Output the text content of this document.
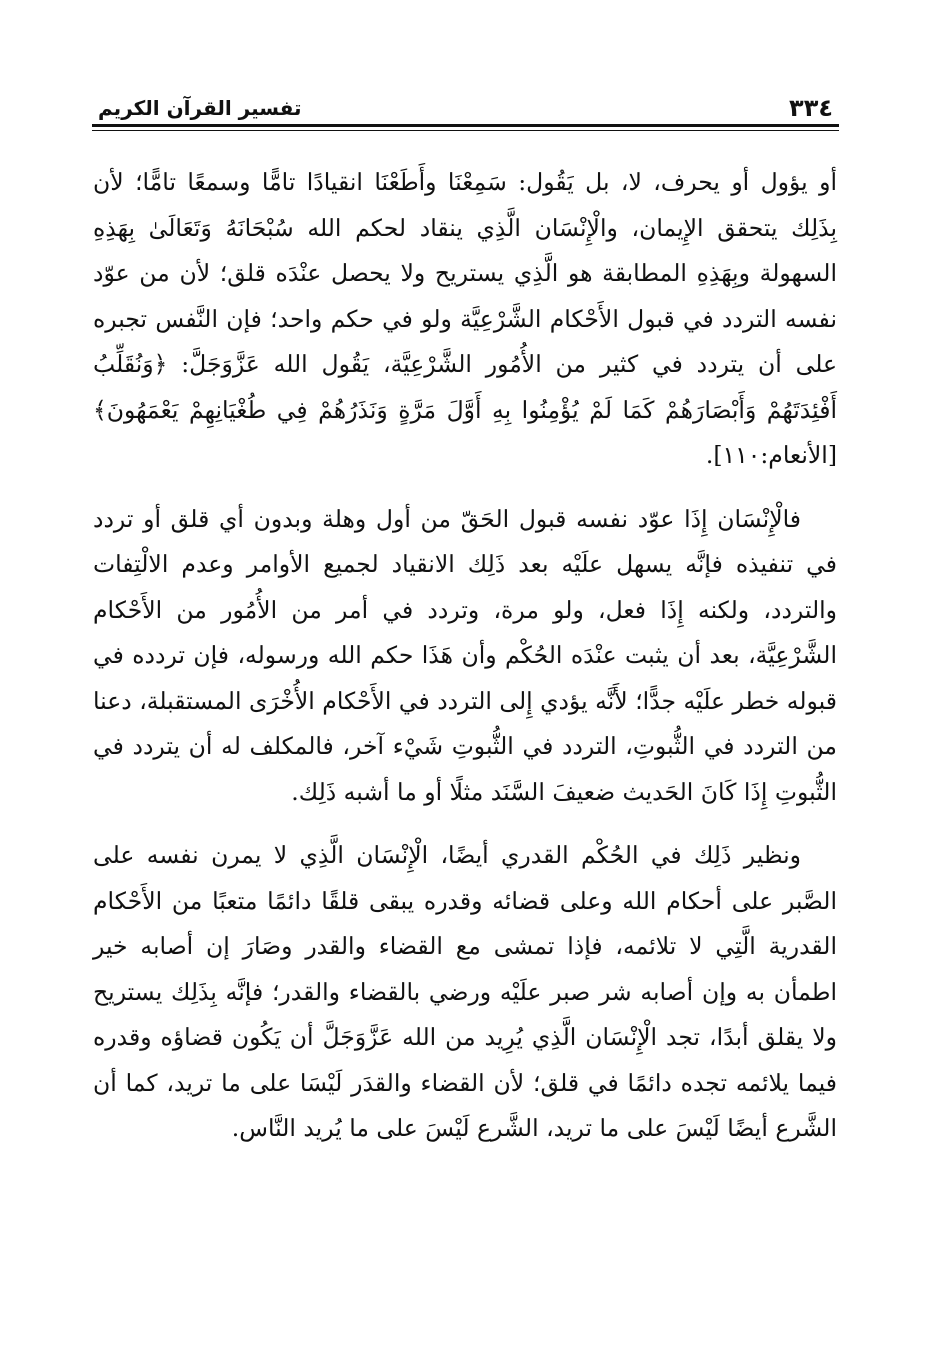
٣٣٤
تفسير القرآن الكريم

أو يؤول أو يحرف، لا، بل يَقُول: سَمِعْنَا وأَطَعْنَا انقيادًا تامًّا وسمعًا تامًّا؛ لأن بِذَلِك يتحقق الإِيمان، والْإِنْسَان الَّذِي ينقاد لحكم الله سُبْحَانَهُ وَتَعَالَىٰ بِهَذِهِ السهولة وبِهَذِهِ المطابقة هو الَّذِي يستريح ولا يحصل عنْدَه قلق؛ لأن من عوّد نفسه التردد في قبول الأَحْكام الشَّرْعِيَّة ولو في حكم واحد؛ فإن النَّفس تجبره على أن يتردد في كثير من الأُمُور الشَّرْعِيَّة، يَقُول الله عَزَّوَجَلَّ: ﴿وَنُقَلِّبُ أَفْئِدَتَهُمْ وَأَبْصَارَهُمْ كَمَا لَمْ يُؤْمِنُوا بِهِ أَوَّلَ مَرَّةٍ وَنَذَرُهُمْ فِي طُغْيَانِهِمْ يَعْمَهُونَ﴾ [الأنعام:١١٠].

فالْإِنْسَان إِذَا عوّد نفسه قبول الحَقّ من أول وهلة وبدون أي قلق أو تردد في تنفيذه فإنَّه يسهل علَيْه بعد ذَلِك الانقياد لجميع الأوامر وعدم الالْتِفات والتردد، ولكنه إِذَا فعل، ولو مرة، وتردد في أمر من الأُمُور من الأَحْكام الشَّرْعِيَّة، بعد أن يثبت عنْدَه الحُكْم وأن هَذَا حكم الله ورسوله، فإن تردده في قبوله خطر علَيْه جدًّا؛ لأَنَّه يؤدي إِلى التردد في الأَحْكام الأُخْرَى المستقبلة، دعنا من التردد في الثُّبوتِ، التردد في الثُّبوتِ شَيْء آخر، فالمكلف له أن يتردد في الثُّبوتِ إِذَا كَانَ الحَديث ضعيفَ السَّنَد مثلًا أو ما أشبه ذَلِك.

ونظير ذَلِك في الحُكْم القدري أيضًا، الْإِنْسَان الَّذِي لا يمرن نفسه على الصَّبر على أحكام الله وعلى قضائه وقدره يبقى قلقًا دائمًا متعبًا من الأَحْكام القدرية الَّتِي لا تلائمه، فإذا تمشى مع القضاء والقدر وصَارَ إن أصابه خير اطمأن به وإن أصابه شر صبر علَيْه ورضي بالقضاء والقدر؛ فإنَّه بِذَلِك يستريح ولا يقلق أبدًا، تجد الْإِنْسَان الَّذِي يُرِيد من الله عَزَّوَجَلَّ أن يَكُون قضاؤه وقدره فيما يلائمه تجده دائمًا في قلق؛ لأن القضاء والقدَر لَيْسَا على ما تريد، كما أن الشَّرع أيضًا لَيْسَ على ما تريد، الشَّرع لَيْسَ على ما يُريد النَّاس.
